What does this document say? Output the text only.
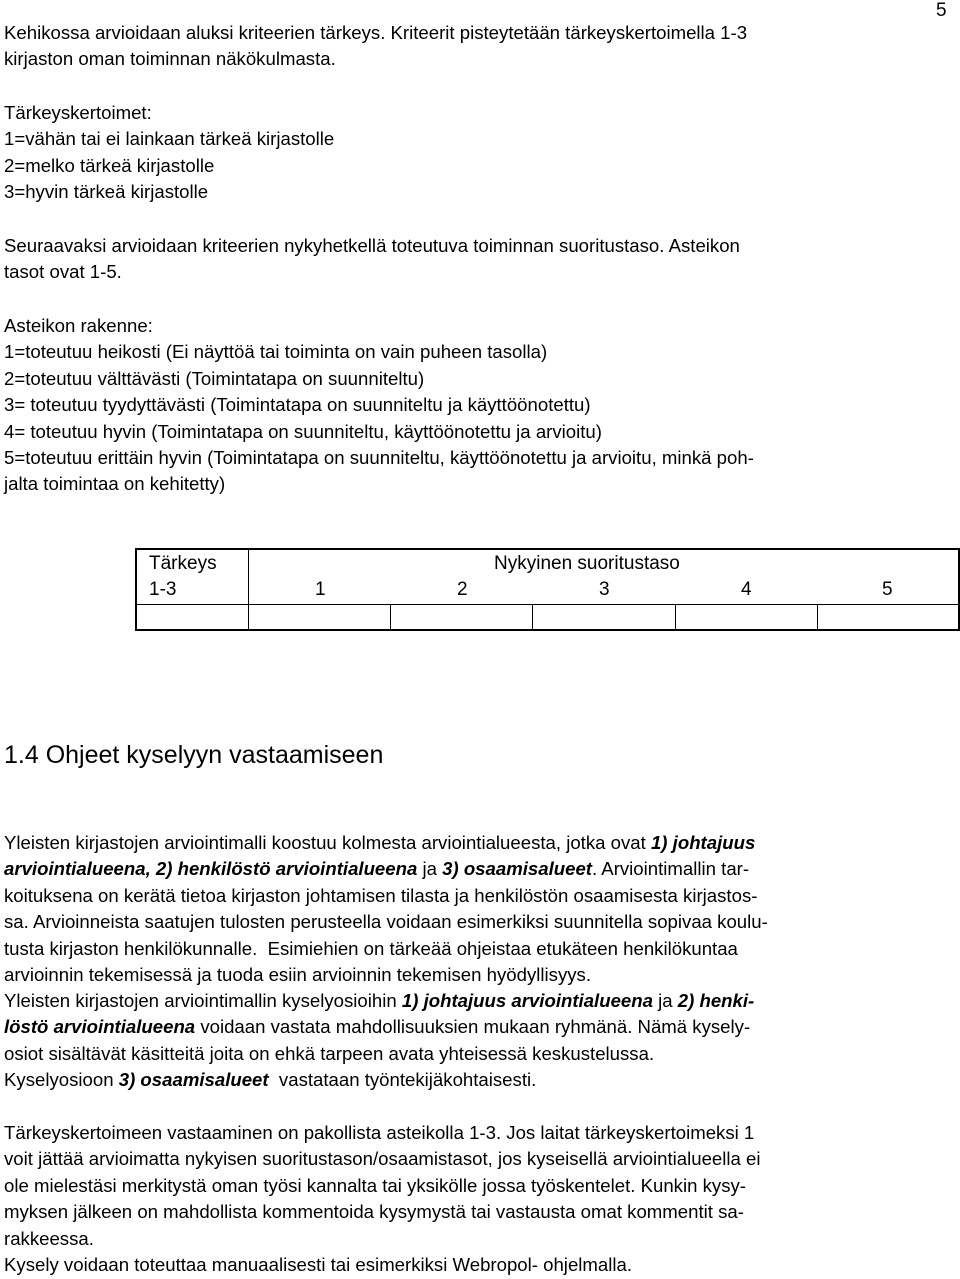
5
Kehikossa arvioidaan aluksi kriteerien tärkeys. Kriteerit pisteytetään tärkeyskertoimella 1-3
kirjaston oman toiminnan näkökulmasta.
Tärkeyskertoimet:
1=vähän tai ei lainkaan tärkeä kirjastolle
2=melko tärkeä kirjastolle
3=hyvin tärkeä kirjastolle
Seuraavaksi arvioidaan kriteerien nykyhetkellä toteutuva toiminnan suoritustaso. Asteikon
tasot ovat 1-5.
Asteikon rakenne:
1=toteutuu heikosti (Ei näyttöä tai toiminta on vain puheen tasolla)
2=toteutuu välttävästi (Toimintatapa on suunniteltu)
3= toteutuu tyydyttävästi (Toimintatapa on suunniteltu ja käyttöönotettu)
4= toteutuu hyvin (Toimintatapa on suunniteltu, käyttöönotettu ja arvioitu)
5=toteutuu erittäin hyvin (Toimintatapa on suunniteltu, käyttöönotettu ja arvioitu, minkä poh-
jalta toimintaa on kehitetty)
Tärkeys
1-3
Nykyinen suoritustaso
1	2	3	4	5
1.4 Ohjeet kyselyyn vastaamiseen
Yleisten kirjastojen arviointimalli koostuu kolmesta arviointialueesta, jotka ovat 1) johtajuus
arviointialueena, 2) henkilöstö arviointialueena ja 3) osaamisalueet. Arviointimallin tar-
koituksena on kerätä tietoa kirjaston johtamisen tilasta ja henkilöstön osaamisesta kirjastos-
sa. Arvioinneista saatujen tulosten perusteella voidaan esimerkiksi suunnitella sopivaa koulu-
tusta kirjaston henkilökunnalle.  Esimiehien on tärkeää ohjeistaa etukäteen henkilökuntaa
arvioinnin tekemisessä ja tuoda esiin arvioinnin tekemisen hyödyllisyys.
Yleisten kirjastojen arviointimallin kyselyosioihin 1) johtajuus arviointialueena ja 2) henki-
löstö arviointialueena voidaan vastata mahdollisuuksien mukaan ryhmänä. Nämä kysely-
osiot sisältävät käsitteitä joita on ehkä tarpeen avata yhteisessä keskustelussa.
Kyselyosioon 3) osaamisalueet  vastataan työntekijäkohtaisesti.
Tärkeyskertoimeen vastaaminen on pakollista asteikolla 1-3. Jos laitat tärkeyskertoimeksi 1
voit jättää arvioimatta nykyisen suoritustason/osaamistasot, jos kyseisellä arviointialueella ei
ole mielestäsi merkitystä oman työsi kannalta tai yksikölle jossa työskentelet. Kunkin kysy-
myksen jälkeen on mahdollista kommentoida kysymystä tai vastausta omat kommentit sa-
rakkeessa.
Kysely voidaan toteuttaa manuaalisesti tai esimerkiksi Webropol- ohjelmalla.
